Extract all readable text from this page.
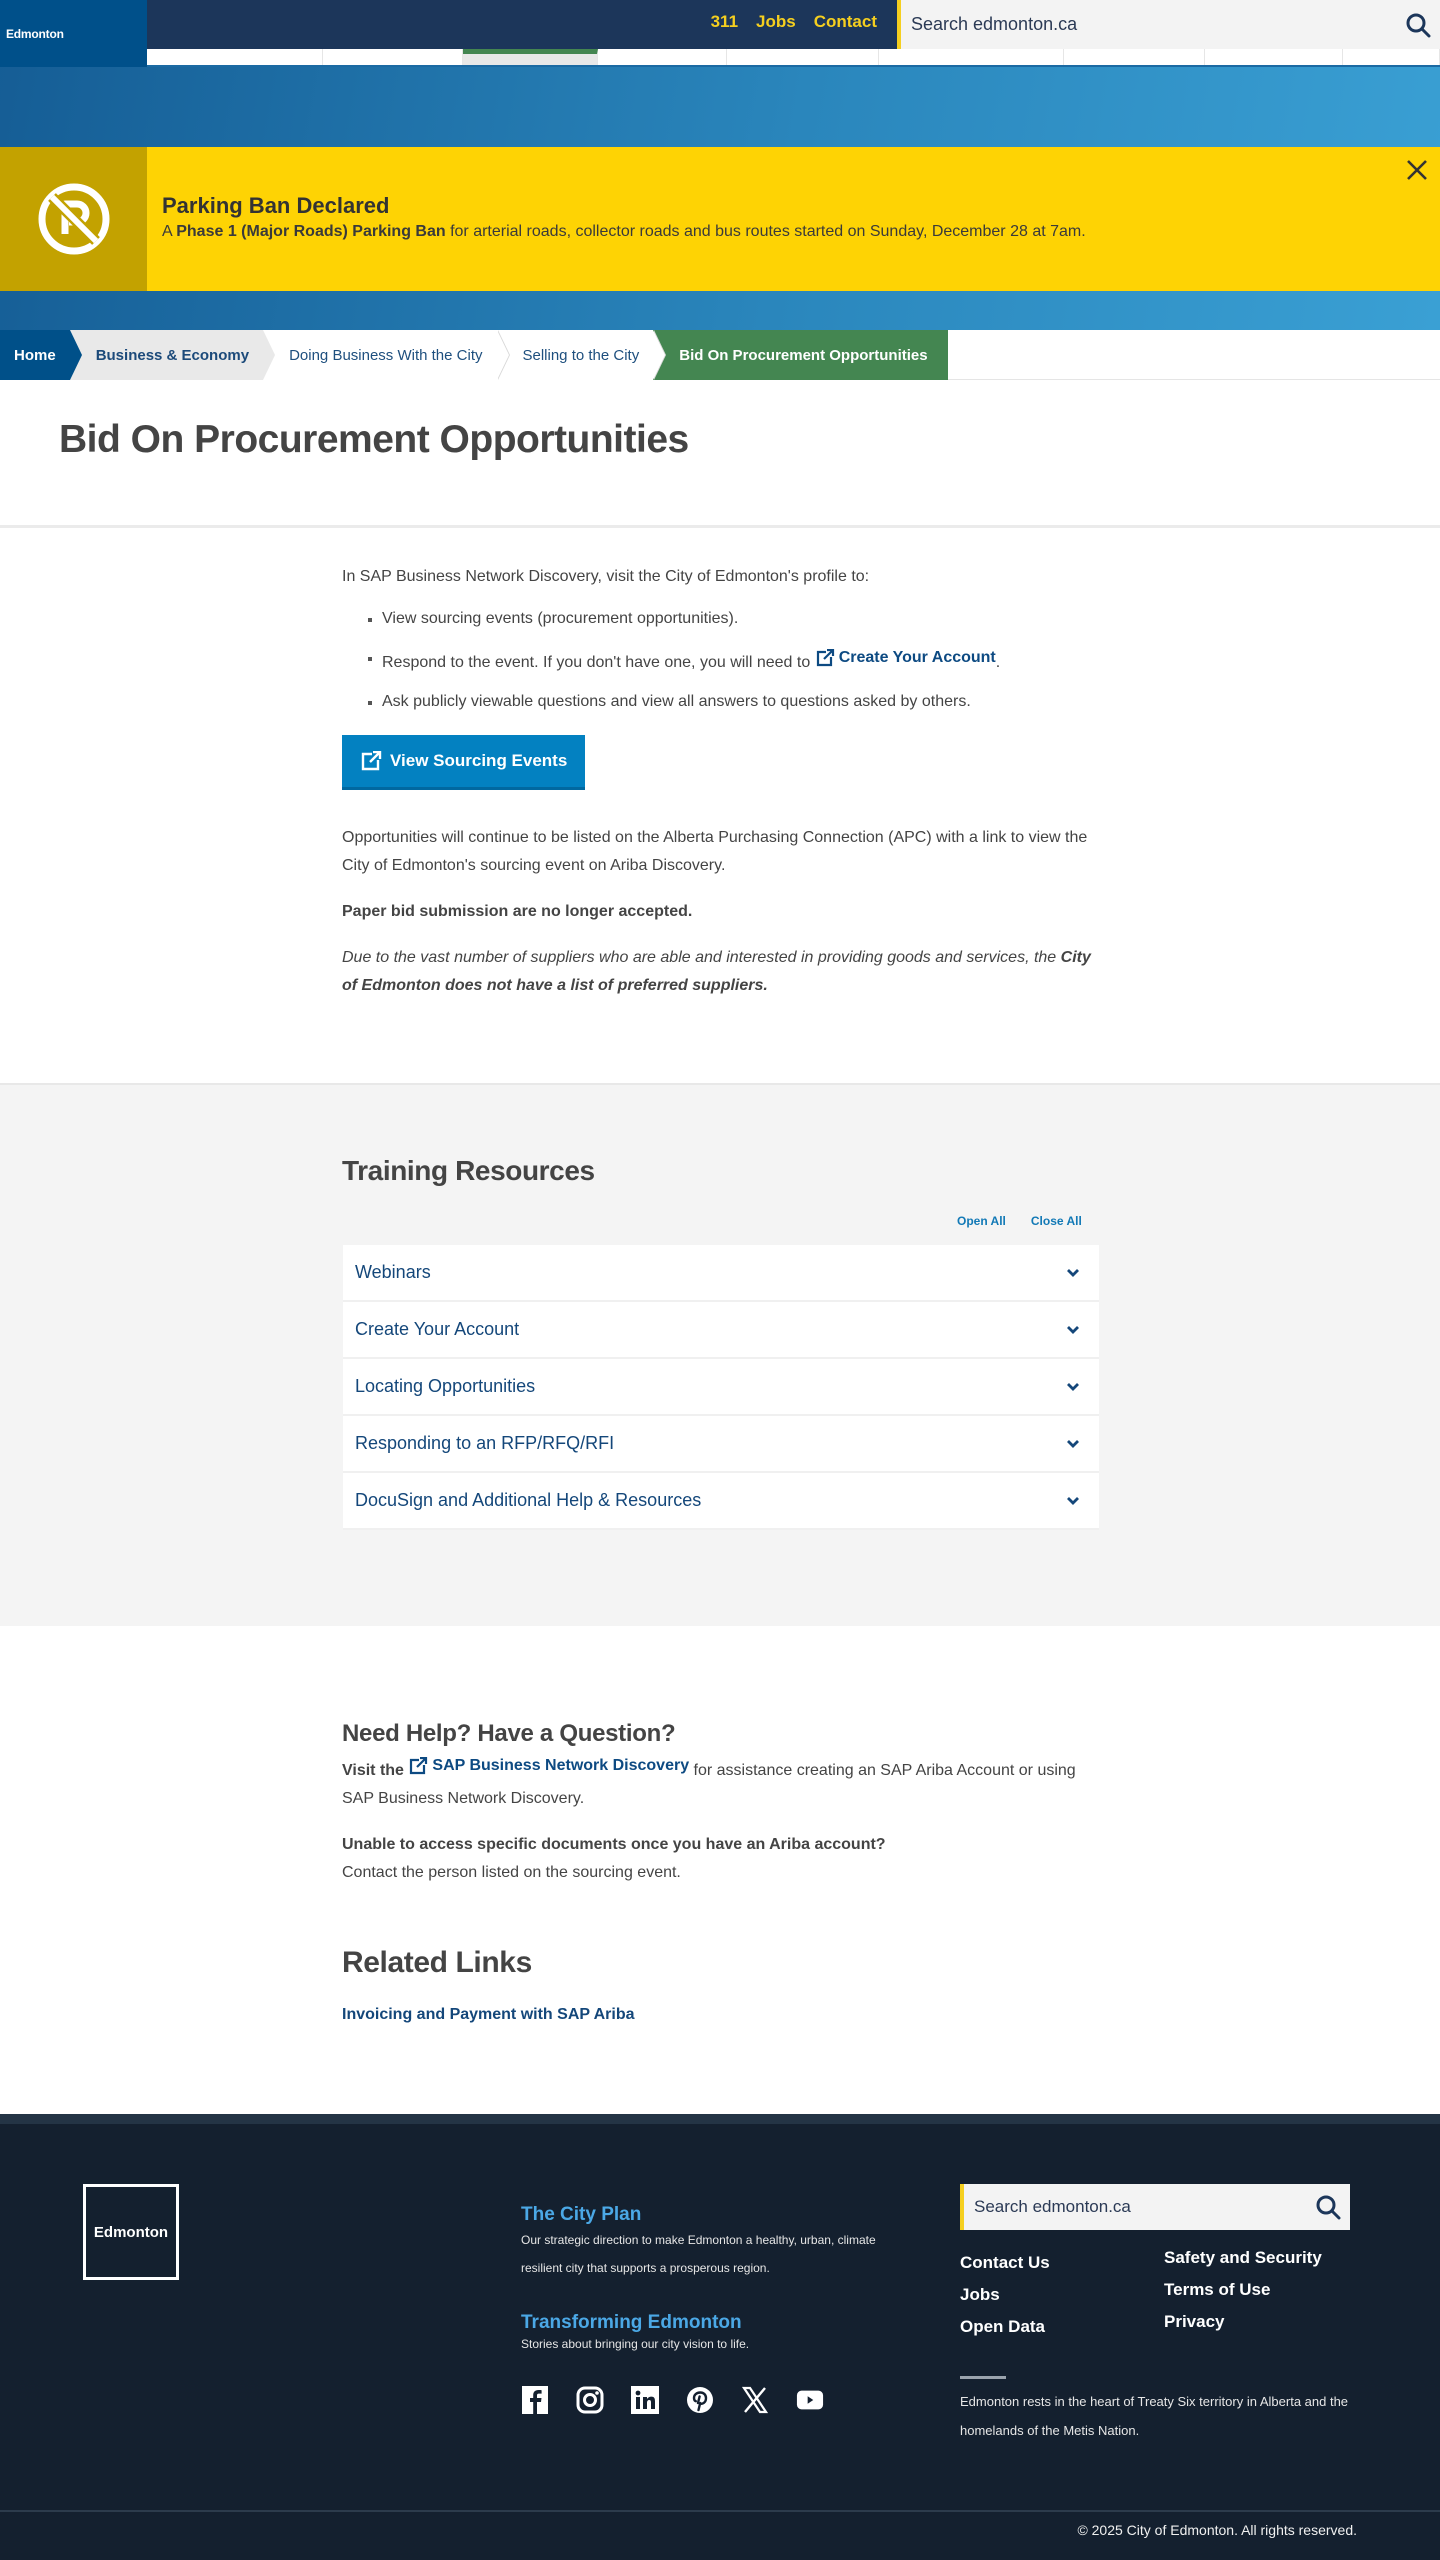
Edmonton
311 Jobs Contact
Search edmonton.ca
Parking Ban Declared
A Phase 1 (Major Roads) Parking Ban for arterial roads, collector roads and bus routes started on Sunday, December 28 at 7am.
Home	Business & Economy	Doing Business With the City	Selling to the City	Bid On Procurement Opportunities
Bid On Procurement Opportunities

In SAP Business Network Discovery, visit the City of Edmonton's profile to:

View sourcing events (procurement opportunities).
Respond to the event. If you don't have one, you will need to Create Your Account .
Ask publicly viewable questions and view all answers to questions asked by others.
View Sourcing Events

Opportunities will continue to be listed on the Alberta Purchasing Connection (APC) with a link to view the City of Edmonton's sourcing event on Ariba Discovery.

Paper bid submission are no longer accepted.

Due to the vast number of suppliers who are able and interested in providing goods and services, the City of Edmonton does not have a list of preferred suppliers.

Training Resources
Open All Close All
Webinars
Create Your Account
Locating Opportunities
Responding to an RFP/RFQ/RFI
DocuSign and Additional Help & Resources
Need Help? Have a Question?

Visit the SAP Business Network Discovery for assistance creating an SAP Ariba Account or using SAP Business Network Discovery.

Unable to access specific documents once you have an Ariba account?

Contact the person listed on the sourcing event.

Related Links
Invoicing and Payment with SAP Ariba
Edmonton
The City Plan

Our strategic direction to make Edmonton a healthy, urban, climate resilient city that supports a prosperous region.

Transforming Edmonton

Stories about bringing our city vision to life.

Search edmonton.ca
Contact Us
Jobs
Open Data
Safety and Security
Terms of Use
Privacy

Edmonton rests in the heart of Treaty Six territory in Alberta and the homelands of the Metis Nation.

© 2025 City of Edmonton. All rights reserved.
